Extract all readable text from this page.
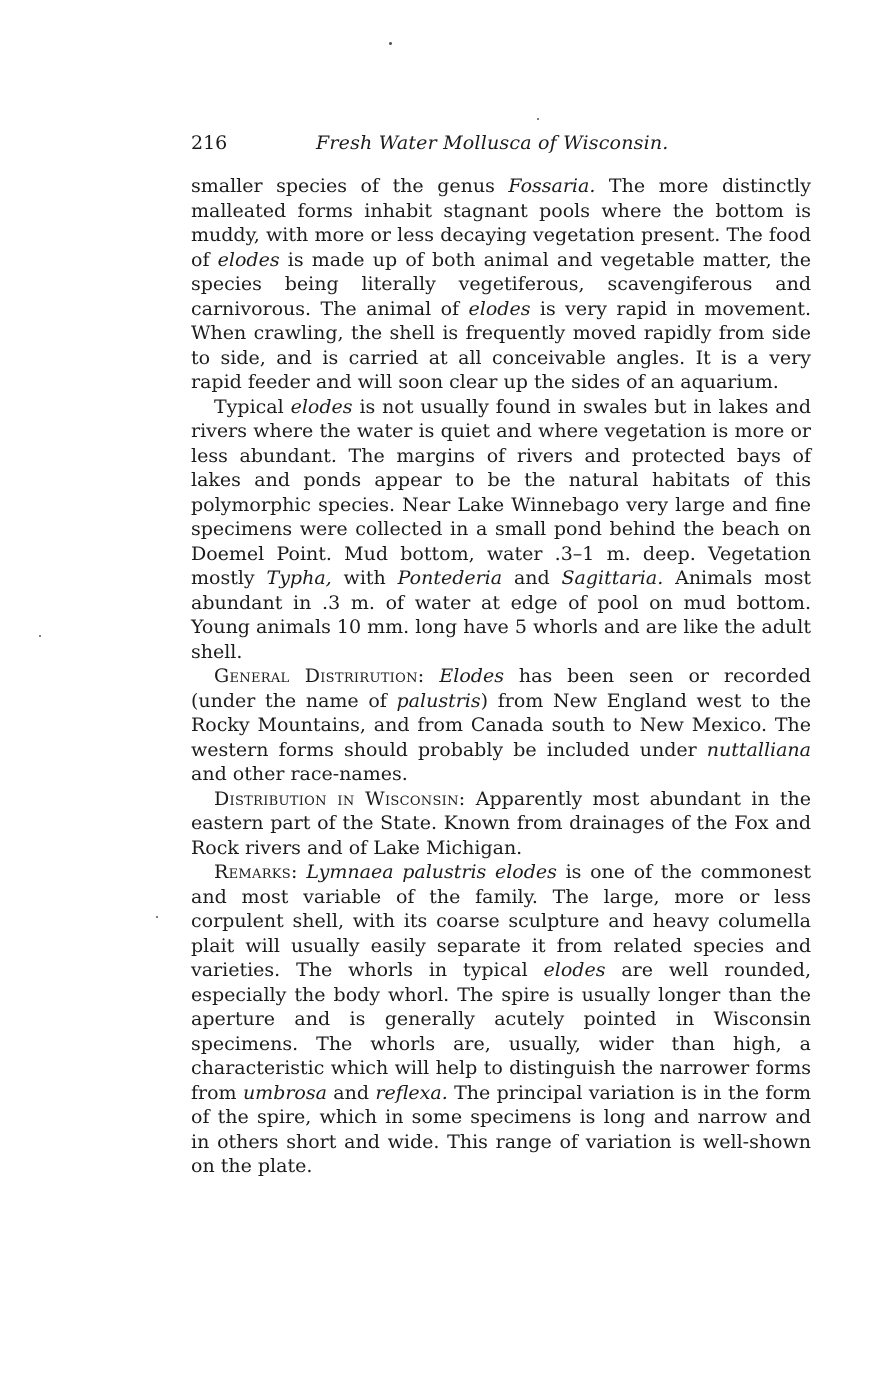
216	Fresh Water Mollusca of Wisconsin.

smaller species of the genus Fossaria. The more distinctly malleated forms inhabit stagnant pools where the bottom is muddy, with more or less decaying vegetation present. The food of elodes is made up of both animal and vegetable matter, the species being literally vegetiferous, scavengiferous and carnivorous. The animal of elodes is very rapid in movement. When crawling, the shell is frequently moved rapidly from side to side, and is carried at all conceivable angles. It is a very rapid feeder and will soon clear up the sides of an aquarium.

Typical elodes is not usually found in swales but in lakes and rivers where the water is quiet and where vegetation is more or less abundant. The margins of rivers and protected bays of lakes and ponds appear to be the natural habitats of this polymorphic species. Near Lake Winnebago very large and fine specimens were collected in a small pond behind the beach on Doemel Point. Mud bottom, water .3–1 m. deep. Vegetation mostly Typha, with Pontederia and Sagittaria. Animals most abundant in .3 m. of water at edge of pool on mud bottom. Young animals 10 mm. long have 5 whorls and are like the adult shell.

General Distrirution: Elodes has been seen or recorded (under the name of palustris) from New England west to the Rocky Mountains, and from Canada south to New Mexico. The western forms should probably be included under nuttalliana and other race-names.

Distribution in Wisconsin: Apparently most abundant in the eastern part of the State. Known from drainages of the Fox and Rock rivers and of Lake Michigan.

Remarks: Lymnaea palustris elodes is one of the commonest and most variable of the family. The large, more or less corpulent shell, with its coarse sculpture and heavy columella plait will usually easily separate it from related species and varieties. The whorls in typical elodes are well rounded, especially the body whorl. The spire is usually longer than the aperture and is generally acutely pointed in Wisconsin specimens. The whorls are, usually, wider than high, a characteristic which will help to distinguish the narrower forms from umbrosa and reflexa. The principal variation is in the form of the spire, which in some specimens is long and narrow and in others short and wide. This range of variation is well-shown on the plate.
